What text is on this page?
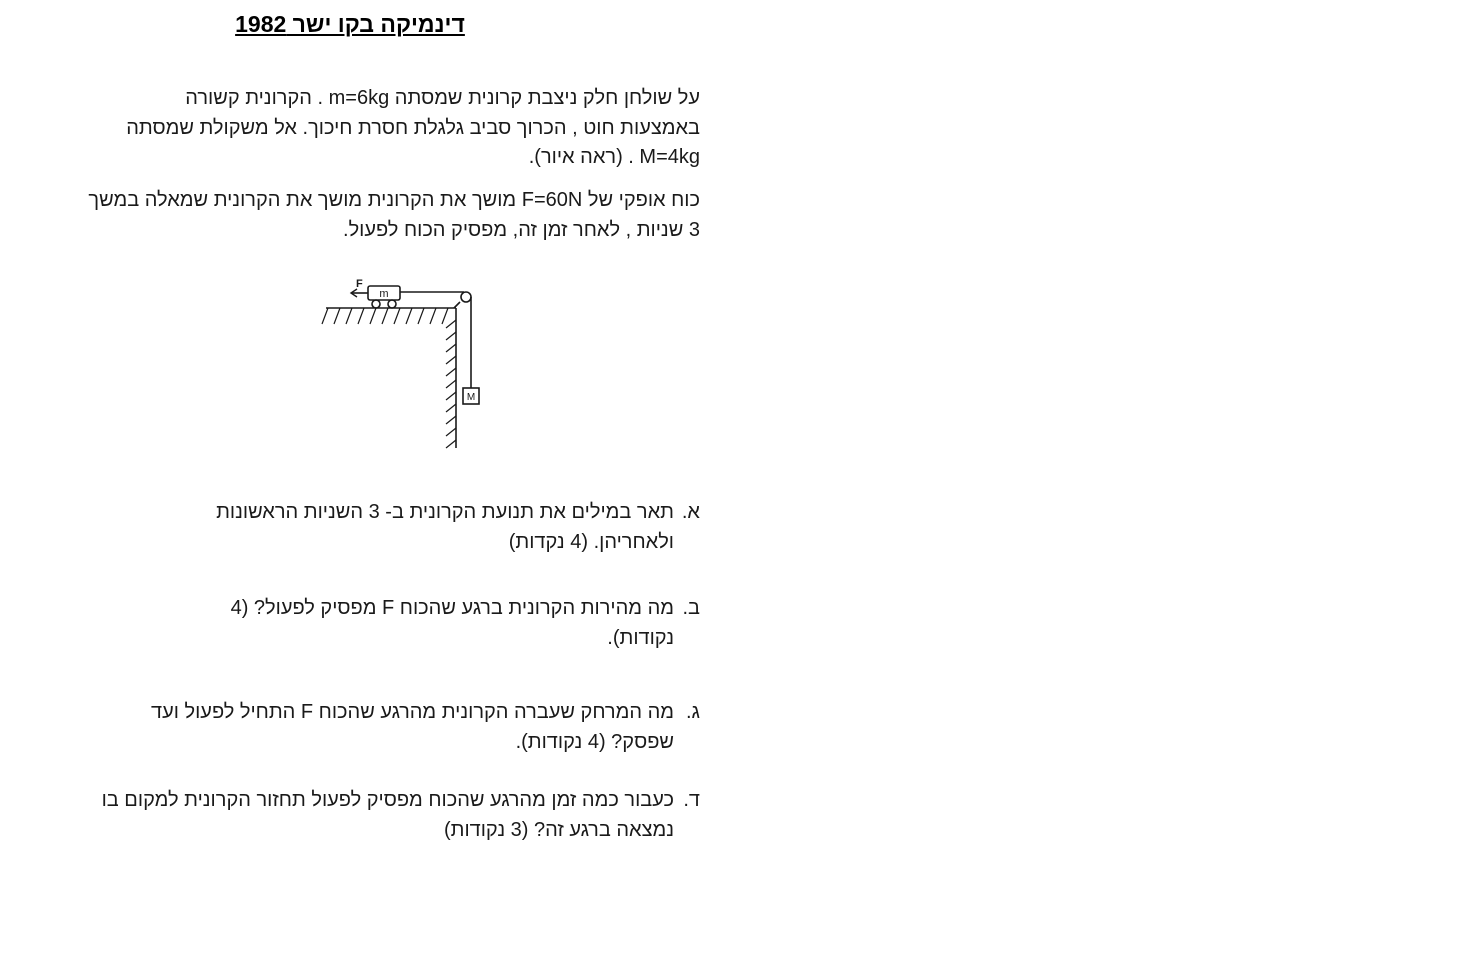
דינמיקה בקו ישר 1982

על שולחן חלק ניצבת קרונית שמסתה m=6kg . הקרונית קשורה באמצעות חוט , הכרוך סביב גלגלת חסרת חיכוך. אל משקולת שמסתה M=4kg . (ראה איור).

כוח אופקי של F=60N מושך את הקרונית מושך את הקרונית שמאלה במשך 3 שניות , לאחר זמן זה, מפסיק הכוח לפעול.

F
m
M
א.
תאר במילים את תנועת הקרונית ב- 3 השניות הראשונות ולאחריהן. (4 נקדות)
ב.
מה מהירות הקרונית ברגע שהכוח F מפסיק לפעול? (4 נקודות).
ג.
מה המרחק שעברה הקרונית מהרגע שהכוח F התחיל לפעול ועד שפסק? (4 נקודות).
ד.
כעבור כמה זמן מהרגע שהכוח מפסיק לפעול תחזור הקרונית למקום בו נמצאה ברגע זה? (3 נקודות)
